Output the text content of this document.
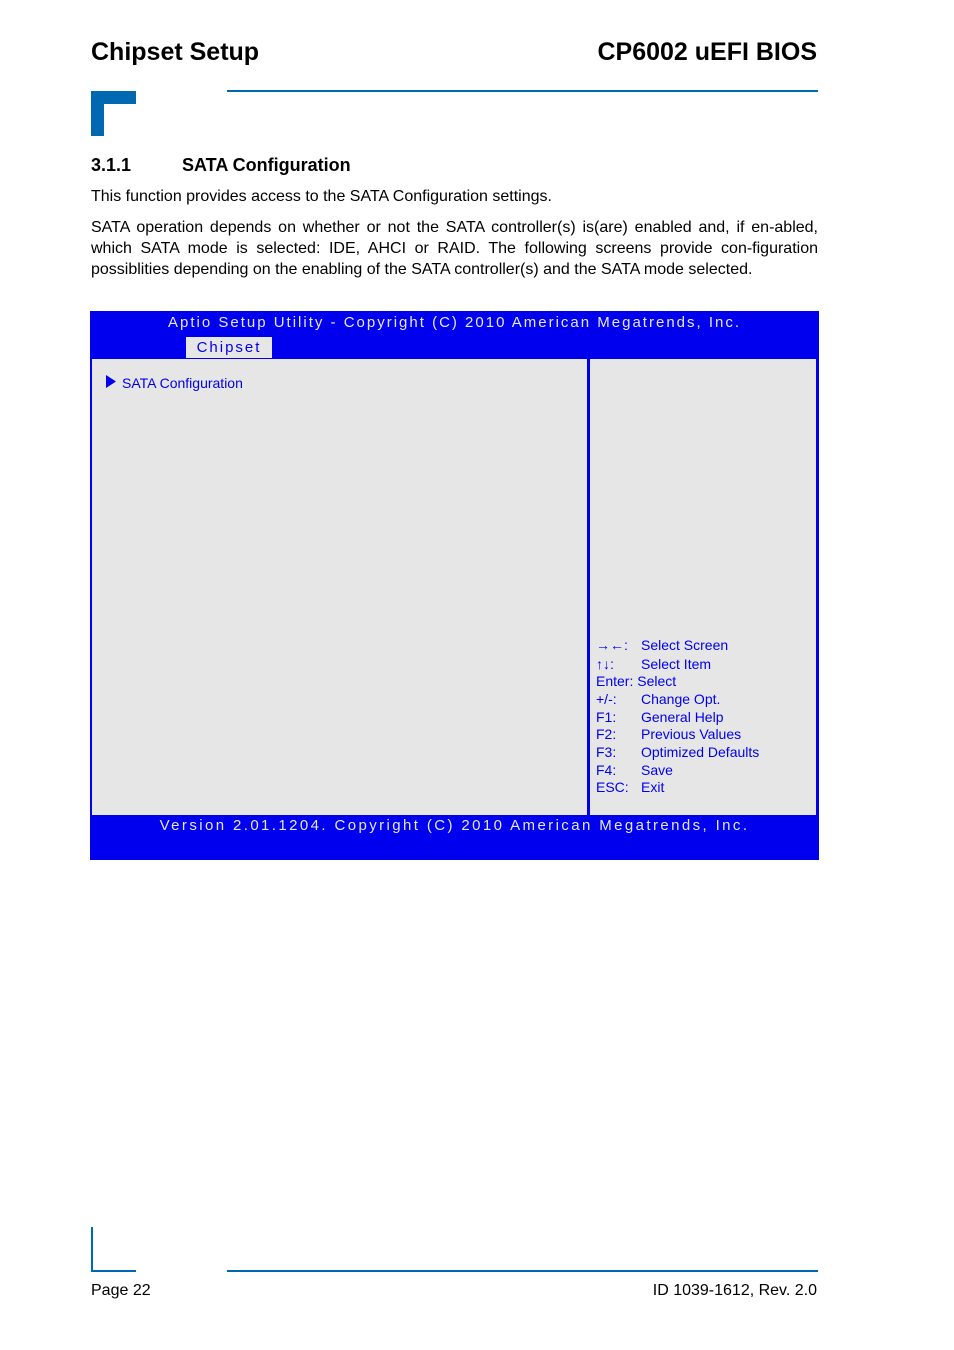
Chipset Setup	CP6002 uEFI BIOS
3.1.1	SATA Configuration
This function provides access to the SATA Configuration settings.
SATA operation depends on whether or not the SATA controller(s) is(are) enabled and, if en-abled, which SATA mode is selected: IDE, AHCI or RAID. The following screens provide con-figuration possiblities depending on the enabling of the SATA controller(s) and the SATA mode selected.
Aptio Setup Utility - Copyright (C) 2010 American Megatrends, Inc.
Chipset
SATA Configuration
→←: Select Screen
↑↓: Select Item
Enter: Select
+/-: Change Opt.
F1: General Help
F2: Previous Values
F3: Optimized Defaults
F4: Save
ESC: Exit
Version 2.01.1204. Copyright (C) 2010 American Megatrends, Inc.
Page 22	ID 1039-1612, Rev. 2.0
